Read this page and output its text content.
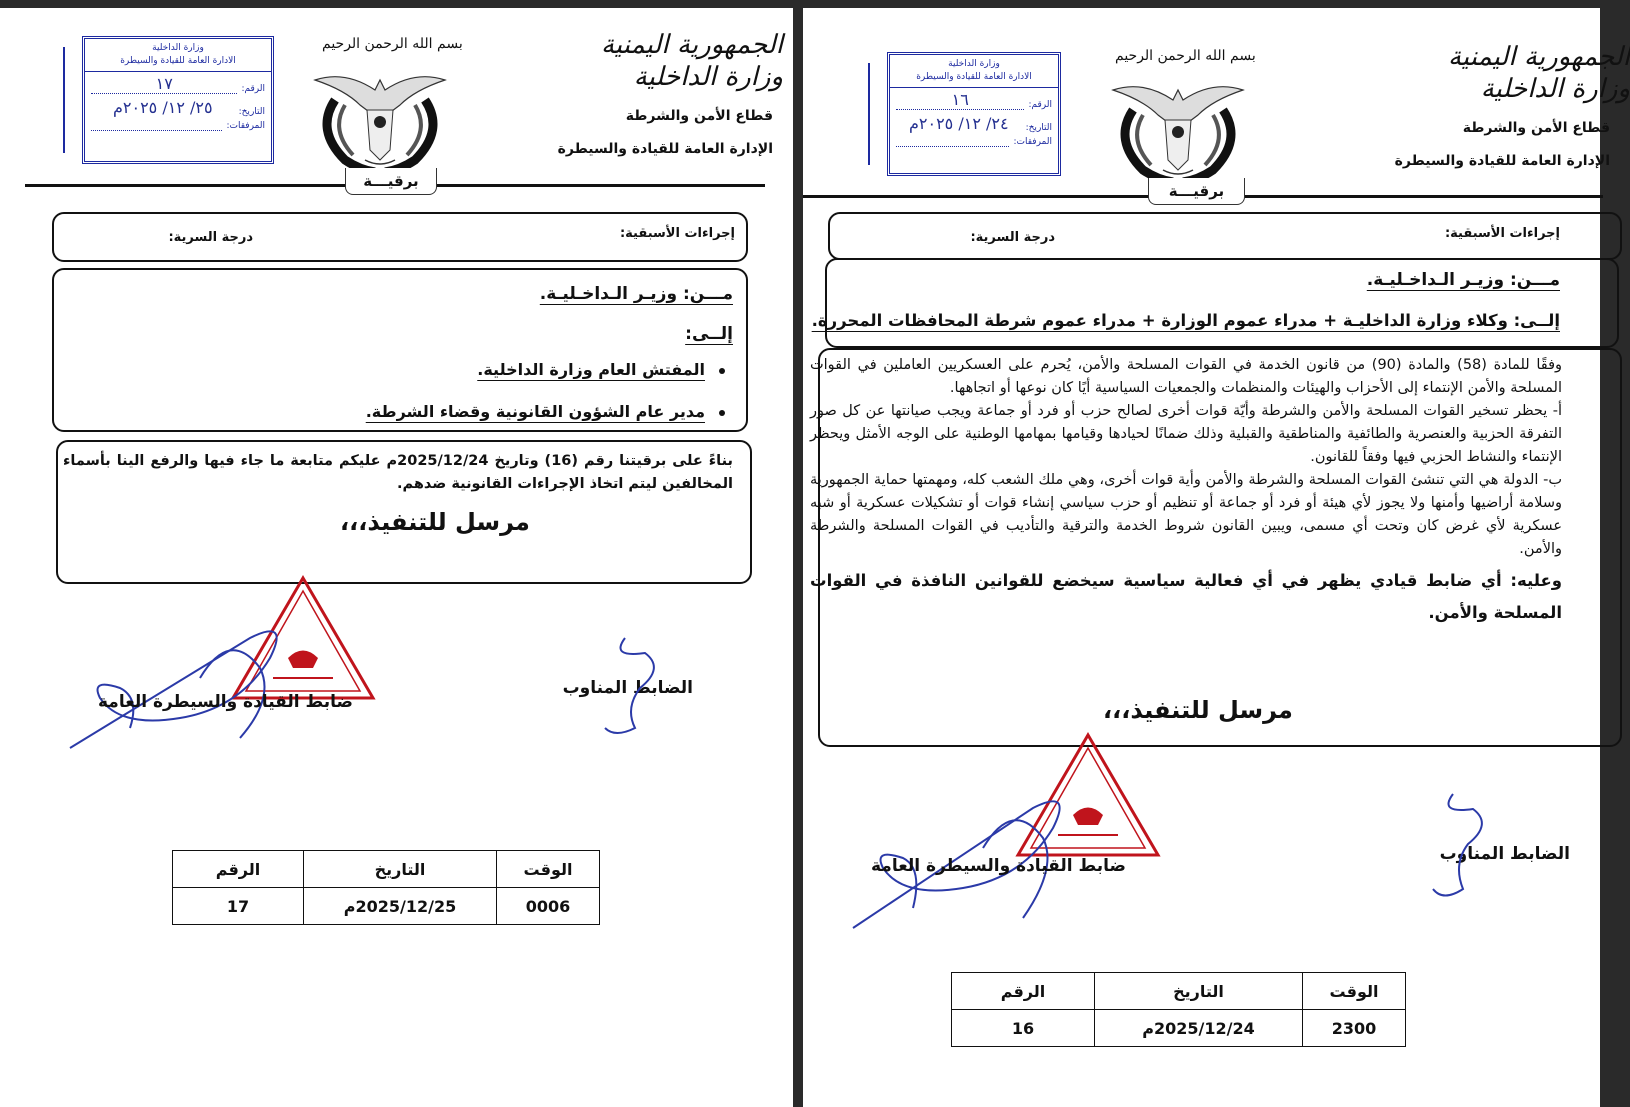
الجمهورية اليمنية
وزارة الداخلية
قطاع الأمن والشرطة
الإدارة العامة للقيادة والسيطرة
بسم الله الرحمن الرحيم
وزارة الداخلية
الادارة العامة للقيادة والسيطرة
الرقم:
١٧
التاريخ:
٢٥/ ١٢/ ٢٠٢٥م
المرفقات:
برقيـــة
إجراءات الأسبقية:
درجة السرية:
مـــن: وزيـر الـداخـليـة.
إلــى:
المفتش العام وزارة الداخلية.
مدير عام الشؤون القانونية وقضاء الشرطة.
بناءً على برقيتنا رقم (16) وتاريخ 2025/12/24م عليكم متابعة ما جاء فيها والرفع الينا بأسماء المخالفين ليتم اتخاذ الإجراءات القانونية ضدهم.
مرسل للتنفيذ،،،
ضابط القيادة والسيطرة العامة
الضابط المناوب
الوقت	التاريخ	الرقم
0006	2025/12/25م	17
الجمهورية اليمنية
وزارة الداخلية
قطاع الأمن والشرطة
الإدارة العامة للقيادة والسيطرة
بسم الله الرحمن الرحيم
وزارة الداخلية
الادارة العامة للقيادة والسيطرة
الرقم:
١٦
التاريخ:
٢٤/ ١٢/ ٢٠٢٥م
المرفقات:
برقيـــة
إجراءات الأسبقية:
درجة السرية:
مـــن: وزيـر الـداخـليـة.
إلــى: وكلاء وزارة الداخليـة + مدراء عموم الوزارة + مدراء عموم شرطة المحافظات المحررة.
وفقًا للمادة (58) والمادة (90) من قانون الخدمة في القوات المسلحة والأمن، يُحرم على العسكريين العاملين في القوات المسلحة والأمن الإنتماء إلى الأحزاب والهيئات والمنظمات والجمعيات السياسية أيًا كان نوعها أو اتجاهها.
أ- يحظر تسخير القوات المسلحة والأمن والشرطة وأيّة قوات أخرى لصالح حزب أو فرد أو جماعة ويجب صيانتها عن كل صور التفرقة الحزبية والعنصرية والطائفية والمناطقية والقبلية وذلك ضمانًا لحيادها وقيامها بمهامها الوطنية على الوجه الأمثل ويحظر الإنتماء والنشاط الحزبي فيها وفقاً للقانون.
ب- الدولة هي التي تنشئ القوات المسلحة والشرطة والأمن وأية قوات أخرى، وهي ملك الشعب كله، ومهمتها حماية الجمهورية وسلامة أراضيها وأمنها ولا يجوز لأي هيئة أو فرد أو جماعة أو تنظيم أو حزب سياسي إنشاء قوات أو تشكيلات عسكرية أو شبه عسكرية لأي غرض كان وتحت أي مسمى، ويبين القانون شروط الخدمة والترقية والتأديب في القوات المسلحة والشرطة والأمن.
وعليه: أي ضابط قيادي يظهر في أي فعالية سياسية سيخضع للقوانين النافذة في القوات المسلحة والأمن.
مرسل للتنفيذ،،،
ضابط القيادة والسيطرة العامة
الضابط المناوب
الوقت	التاريخ	الرقم
2300	2025/12/24م	16
